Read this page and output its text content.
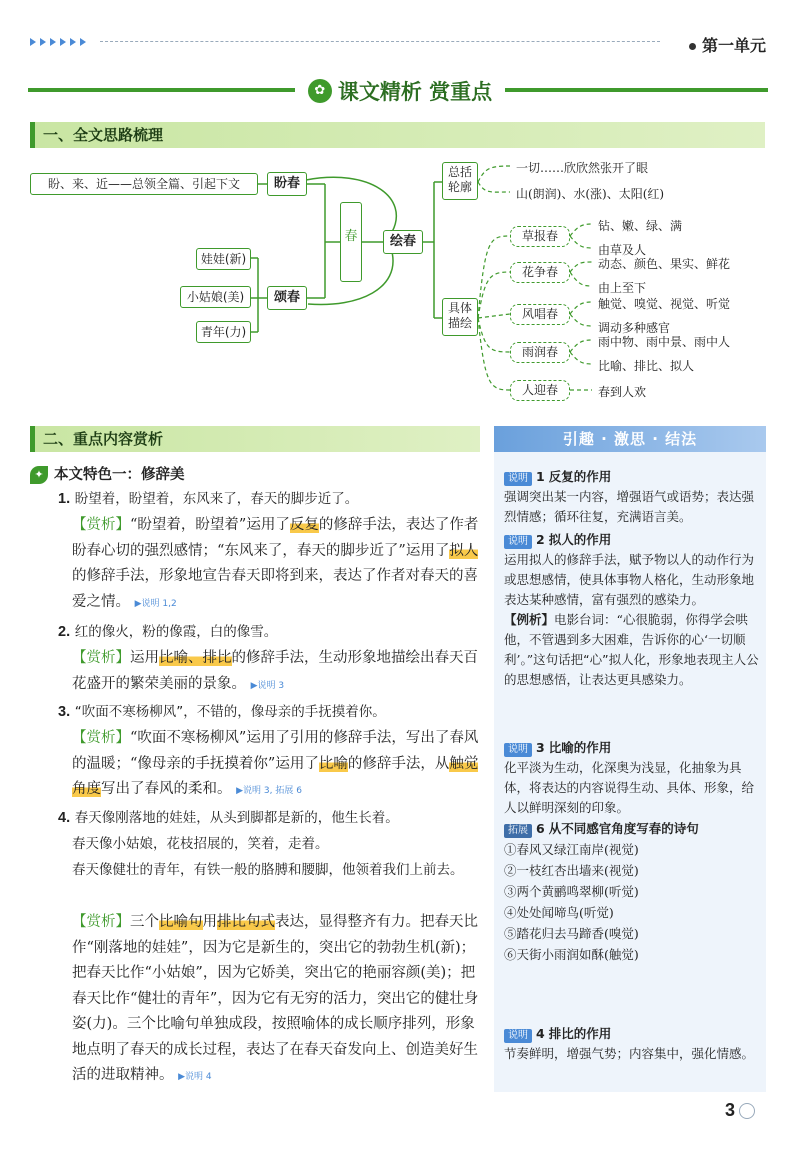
第一单元
✿ 课文精析 赏重点
一、全文思路梳理
盼、来、近——总领全篇、引起下文	盼春
娃娃(新)
小姑娘(美)
青年(力)
颂春
春	绘春
总括轮廓
具体描绘
一切……欣欣然张开了眼
山(朗润)、水(涨)、太阳(红)
草报春
钻、嫩、绿、满
由草及人
花争春
动态、颜色、果实、鲜花
由上至下
风唱春
触觉、嗅觉、视觉、听觉
调动多种感官
雨润春
雨中物、雨中景、雨中人
比喻、排比、拟人
人迎春	春到人欢
二、重点内容赏析
✦ 本文特色一：修辞美
1. 盼望着，盼望着，东风来了，春天的脚步近了。
【赏析】“盼望着，盼望着”运用了反复的修辞手法，表达了作者盼春心切的强烈感情；“东风来了，春天的脚步近了”运用了拟人的修辞手法，形象地宣告春天即将到来，表达了作者对春天的喜爱之情。 ▶说明 1,2
2. 红的像火，粉的像霞，白的像雪。
【赏析】运用比喻、排比的修辞手法，生动形象地描绘出春天百花盛开的繁荣美丽的景象。 ▶说明 3
3. “吹面不寒杨柳风”，不错的，像母亲的手抚摸着你。
【赏析】“吹面不寒杨柳风”运用了引用的修辞手法，写出了春风的温暖；“像母亲的手抚摸着你”运用了比喻的修辞手法，从触觉角度写出了春风的柔和。 ▶说明 3, 拓展 6
4. 春天像刚落地的娃娃，从头到脚都是新的，他生长着。
春天像小姑娘，花枝招展的，笑着，走着。
春天像健壮的青年，有铁一般的胳膊和腰脚，他领着我们上前去。
【赏析】三个比喻句用排比句式表达，显得整齐有力。把春天比作“刚落地的娃娃”，因为它是新生的，突出它的勃勃生机(新)；把春天比作“小姑娘”，因为它娇美，突出它的艳丽容颜(美)；把春天比作“健壮的青年”，因为它有无穷的活力，突出它的健壮身姿(力)。三个比喻句单独成段，按照喻体的成长顺序排列，形象地点明了春天的成长过程，表达了在春天奋发向上、创造美好生活的进取精神。 ▶说明 4
引趣 · 激思 · 结法
说明 1 反复的作用
强调突出某一内容，增强语气或语势；表达强烈情感；循环往复，充满语言美。
说明 2 拟人的作用
运用拟人的修辞手法，赋予物以人的动作行为或思想感情，使具体事物人格化，生动形象地表达某种感情，富有强烈的感染力。
【例析】电影台词：“心很脆弱，你得学会哄他，不管遇到多大困难，告诉你的心‘一切顺利’。”这句话把“心”拟人化，形象地表现主人公的思想感悟，让表达更具感染力。
说明 3 比喻的作用
化平淡为生动，化深奥为浅显，化抽象为具体，将表达的内容说得生动、具体、形象，给人以鲜明深刻的印象。
拓展 6 从不同感官角度写春的诗句
①春风又绿江南岸(视觉)
②一枝红杏出墙来(视觉)
③两个黄鹂鸣翠柳(听觉)
④处处闻啼鸟(听觉)
⑤踏花归去马蹄香(嗅觉)
⑥天街小雨润如酥(触觉)
说明 4 排比的作用
节奏鲜明，增强气势；内容集中，强化情感。
3
